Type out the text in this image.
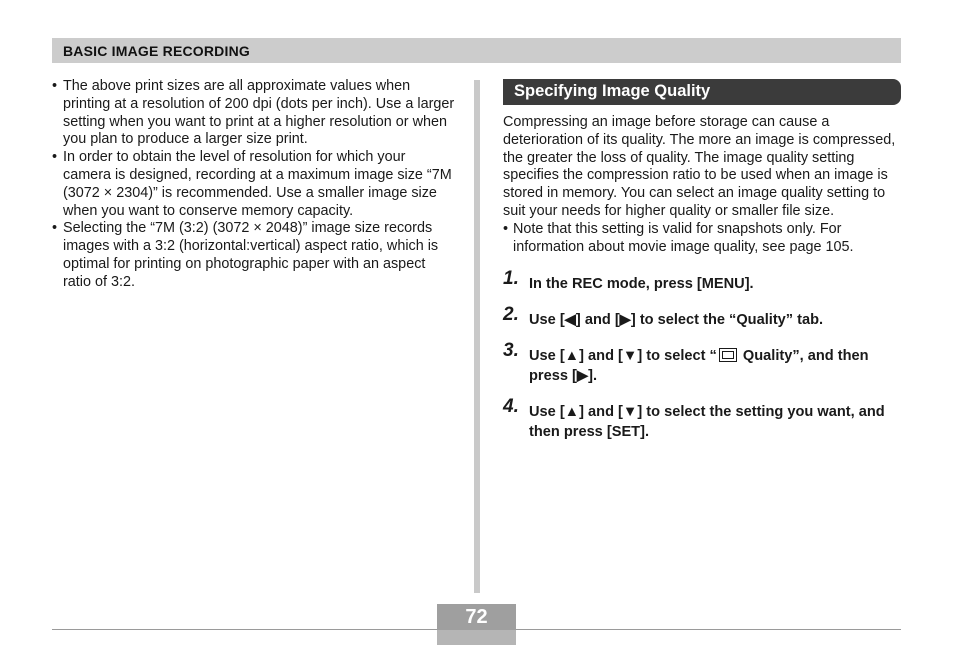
BASIC IMAGE RECORDING
• The above print sizes are all approximate values when printing at a resolution of 200 dpi (dots per inch). Use a larger setting when you want to print at a higher resolution or when you plan to produce a larger size print.
• In order to obtain the level of resolution for which your camera is designed, recording at a maximum image size “7M (3072 × 2304)” is recommended. Use a smaller image size when you want to conserve memory capacity.
• Selecting the “7M (3:2) (3072 × 2048)” image size records images with a 3:2 (horizontal:vertical) aspect ratio, which is optimal for printing on photographic paper with an aspect ratio of 3:2.
Specifying Image Quality

Compressing an image before storage can cause a deterioration of its quality. The more an image is compressed, the greater the loss of quality. The image quality setting specifies the compression ratio to be used when an image is stored in memory. You can select an image quality setting to suit your needs for higher quality or smaller file size.

• Note that this setting is valid for snapshots only. For information about movie image quality, see page 105.

1. In the REC mode, press [MENU].
2. Use [◀] and [▶] to select the “Quality” tab.
3. Use [▲] and [▼] to select “ Quality”, and then press [▶].
4. Use [▲] and [▼] to select the setting you want, and then press [SET].
72
